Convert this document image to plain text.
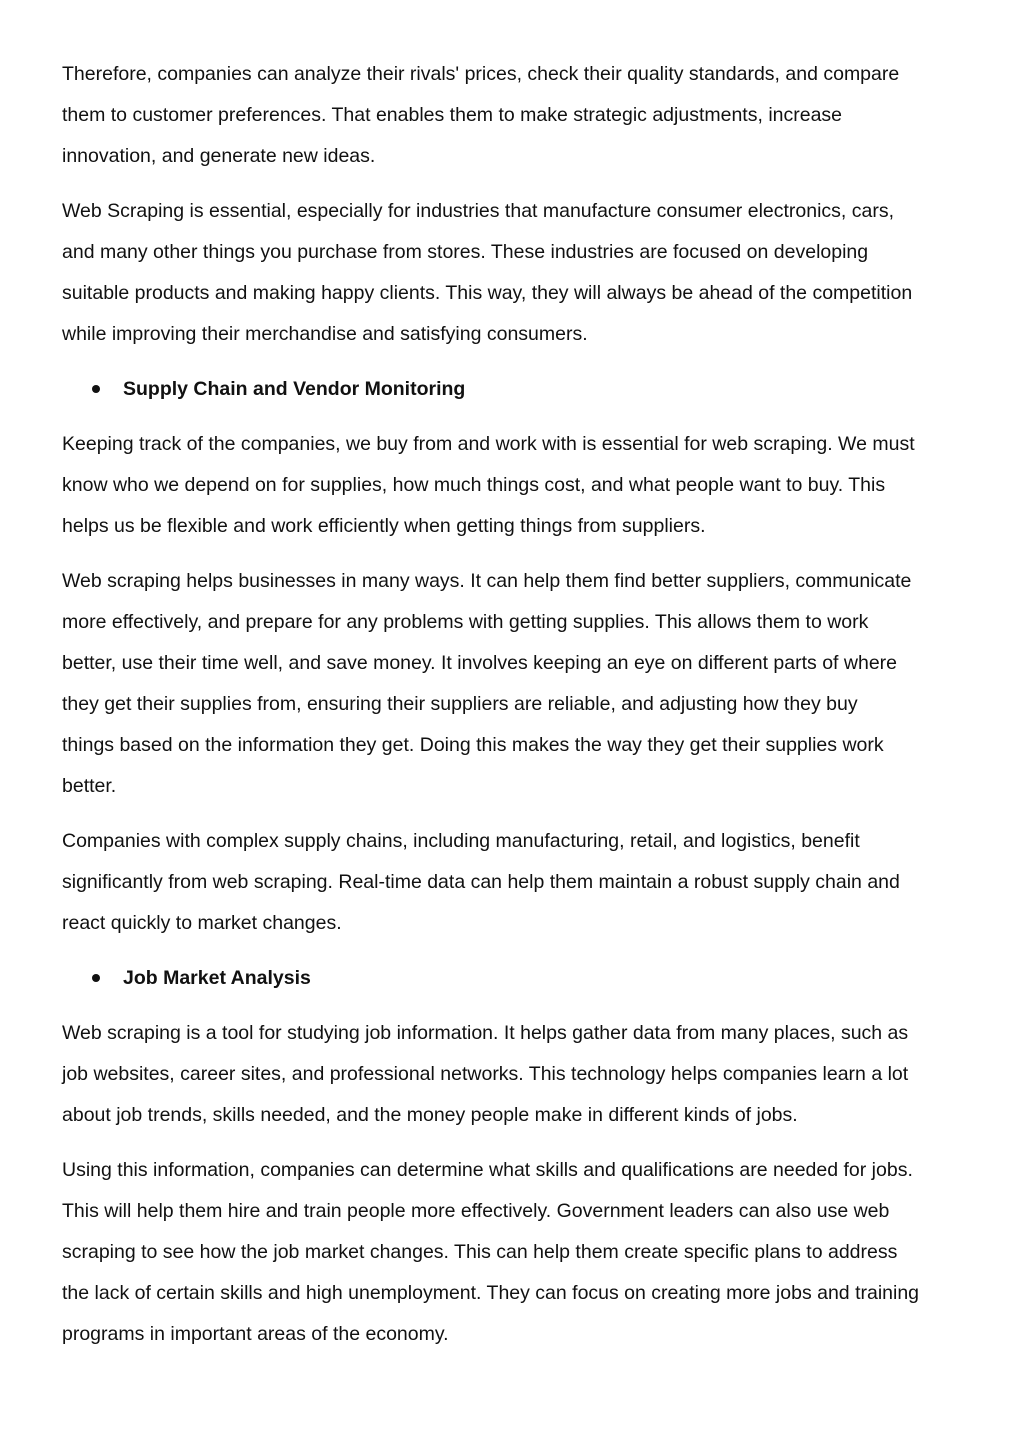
Therefore, companies can analyze their rivals' prices, check their quality standards, and compare
them to customer preferences. That enables them to make strategic adjustments, increase
innovation, and generate new ideas.
Web Scraping is essential, especially for industries that manufacture consumer electronics, cars,
and many other things you purchase from stores. These industries are focused on developing
suitable products and making happy clients. This way, they will always be ahead of the competition
while improving their merchandise and satisfying consumers.
Supply Chain and Vendor Monitoring
Keeping track of the companies, we buy from and work with is essential for web scraping. We must
know who we depend on for supplies, how much things cost, and what people want to buy. This
helps us be flexible and work efficiently when getting things from suppliers.
Web scraping helps businesses in many ways. It can help them find better suppliers, communicate
more effectively, and prepare for any problems with getting supplies. This allows them to work
better, use their time well, and save money. It involves keeping an eye on different parts of where
they get their supplies from, ensuring their suppliers are reliable, and adjusting how they buy
things based on the information they get. Doing this makes the way they get their supplies work
better.
Companies with complex supply chains, including manufacturing, retail, and logistics, benefit
significantly from web scraping. Real-time data can help them maintain a robust supply chain and
react quickly to market changes.
Job Market Analysis
Web scraping is a tool for studying job information. It helps gather data from many places, such as
job websites, career sites, and professional networks. This technology helps companies learn a lot
about job trends, skills needed, and the money people make in different kinds of jobs.
Using this information, companies can determine what skills and qualifications are needed for jobs.
This will help them hire and train people more effectively. Government leaders can also use web
scraping to see how the job market changes. This can help them create specific plans to address
the lack of certain skills and high unemployment. They can focus on creating more jobs and training
programs in important areas of the economy.
